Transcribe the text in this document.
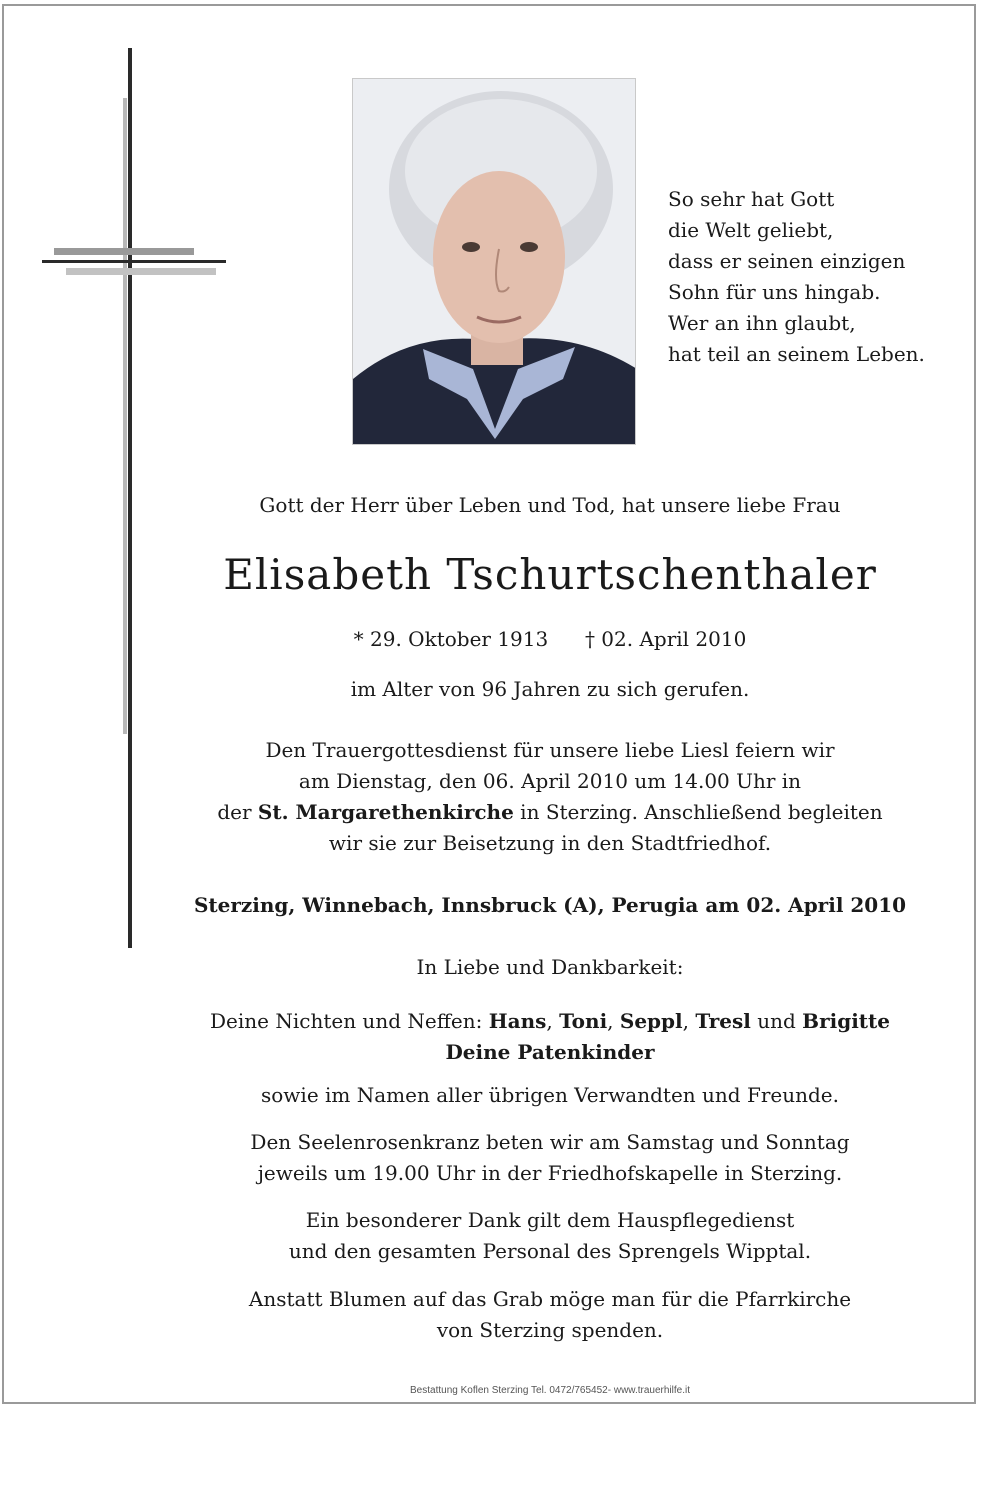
So sehr hat Gott
die Welt geliebt,
dass er seinen einzigen
Sohn für uns hingab.
Wer an ihn glaubt,
hat teil an seinem Leben.
Gott der Herr über Leben und Tod, hat unsere liebe Frau
Elisabeth Tschurtschenthaler
* 29. Oktober 1913 † 02. April 2010
im Alter von 96 Jahren zu sich gerufen.
Den Trauergottesdienst für unsere liebe Liesl feiern wir
am Dienstag, den 06. April 2010 um 14.00 Uhr in
der St. Margarethenkirche in Sterzing. Anschließend begleiten
wir sie zur Beisetzung in den Stadtfriedhof.
Sterzing, Winnebach, Innsbruck (A), Perugia am 02. April 2010
In Liebe und Dankbarkeit:
Deine Nichten und Neffen: Hans, Toni, Seppl, Tresl und Brigitte
Deine Patenkinder
sowie im Namen aller übrigen Verwandten und Freunde.
Den Seelenrosenkranz beten wir am Samstag und Sonntag
jeweils um 19.00 Uhr in der Friedhofskapelle in Sterzing.
Ein besonderer Dank gilt dem Hauspflegedienst
und den gesamten Personal des Sprengels Wipptal.
Anstatt Blumen auf das Grab möge man für die Pfarrkirche
von Sterzing spenden.
Bestattung Koflen Sterzing Tel. 0472/765452- www.trauerhilfe.it
